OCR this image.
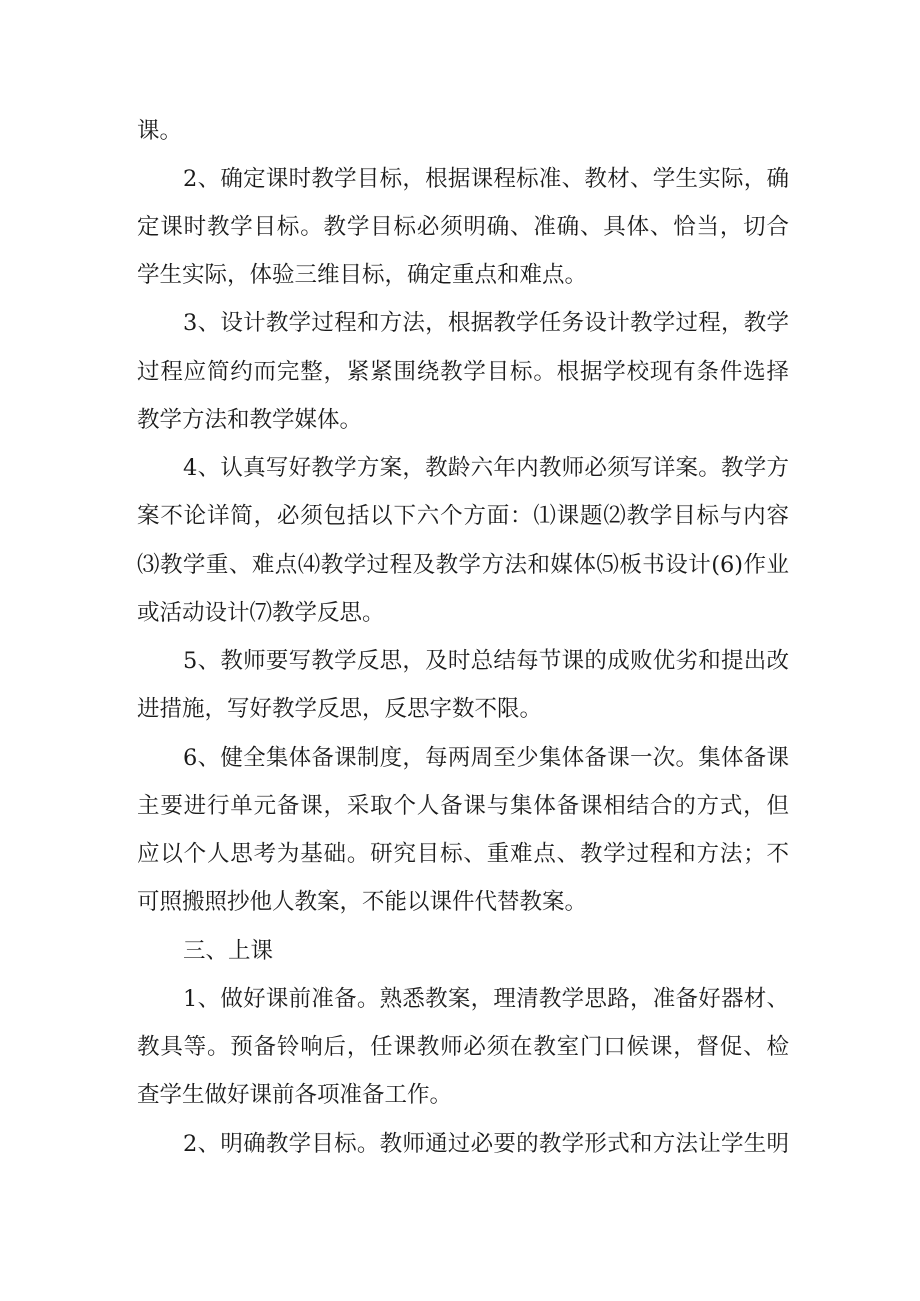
课。

2、确定课时教学目标，根据课程标准、教材、学生实际，确

定课时教学目标。教学目标必须明确、准确、具体、恰当，切合

学生实际，体验三维目标，确定重点和难点。

3、设计教学过程和方法，根据教学任务设计教学过程，教学

过程应简约而完整，紧紧围绕教学目标。根据学校现有条件选择

教学方法和教学媒体。

4、认真写好教学方案，教龄六年内教师必须写详案。教学方

案不论详简，必须包括以下六个方面：⑴课题⑵教学目标与内容

⑶教学重、难点⑷教学过程及教学方法和媒体⑸板书设计(6)作业

或活动设计⑺教学反思。

5、教师要写教学反思，及时总结每节课的成败优劣和提出改

进措施，写好教学反思，反思字数不限。

6、健全集体备课制度，每两周至少集体备课一次。集体备课

主要进行单元备课，采取个人备课与集体备课相结合的方式，但

应以个人思考为基础。研究目标、重难点、教学过程和方法；不

可照搬照抄他人教案，不能以课件代替教案。

三、上课

1、做好课前准备。熟悉教案，理清教学思路，准备好器材、

教具等。预备铃响后，任课教师必须在教室门口候课，督促、检

查学生做好课前各项准备工作。

2、明确教学目标。教师通过必要的教学形式和方法让学生明
